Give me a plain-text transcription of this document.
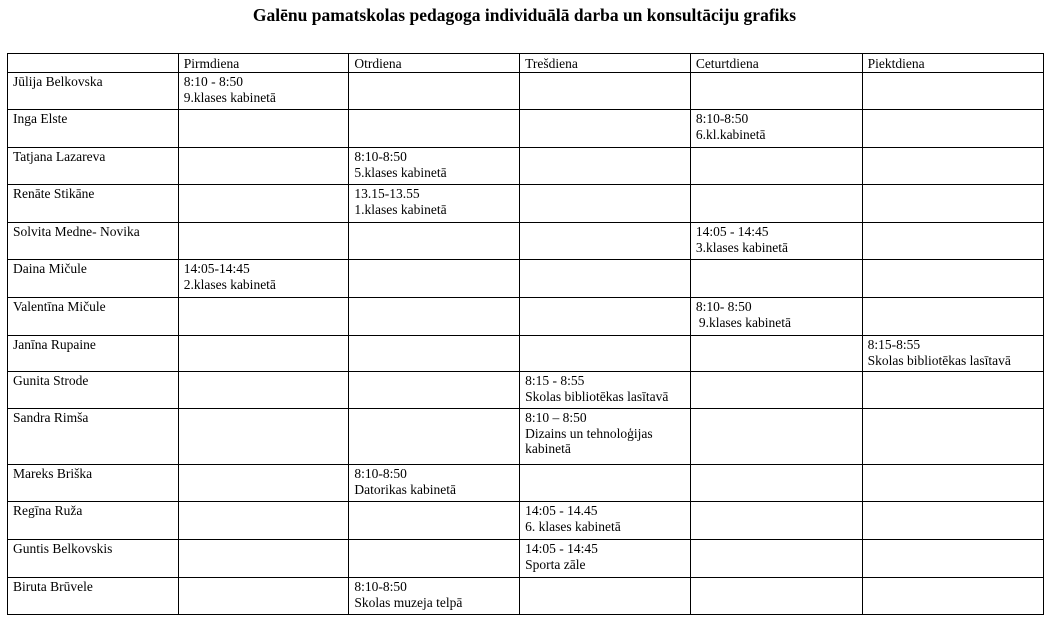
Galēnu pamatskolas pedagoga individuālā darba un konsultāciju grafiks
	Pirmdiena	Otrdiena	Trešdiena	Ceturtdiena	Piektdiena
Jūlija Belkovska	8:10 - 8:50
9.klases kabinetā				

Inga Elste				8:10-8:50
6.kl.kabinetā	

Tatjana Lazareva		8:10-8:50
5.klases kabinetā			

Renāte Stikāne		13.15-13.55
1.klases kabinetā			

Solvita Medne- Novika				14:05 - 14:45
3.klases kabinetā	

Daina Mičule	14:05-14:45
2.klases kabinetā				

Valentīna Mičule				8:10- 8:50
9.klases kabinetā	

Janīna Rupaine					8:15-8:55
Skolas bibliotēkas lasītavā

Gunita Strode			8:15 - 8:55
Skolas bibliotēkas lasītavā		

Sandra Rimša			8:10 – 8:50
Dizains un tehnoloģijas
kabinetā		

Mareks Briška		8:10-8:50
Datorikas kabinetā			

Regīna Ruža			14:05 - 14.45
6. klases kabinetā		

Guntis Belkovskis			14:05 - 14:45
Sporta zāle		

Biruta Brūvele		8:10-8:50
Skolas muzeja telpā			
